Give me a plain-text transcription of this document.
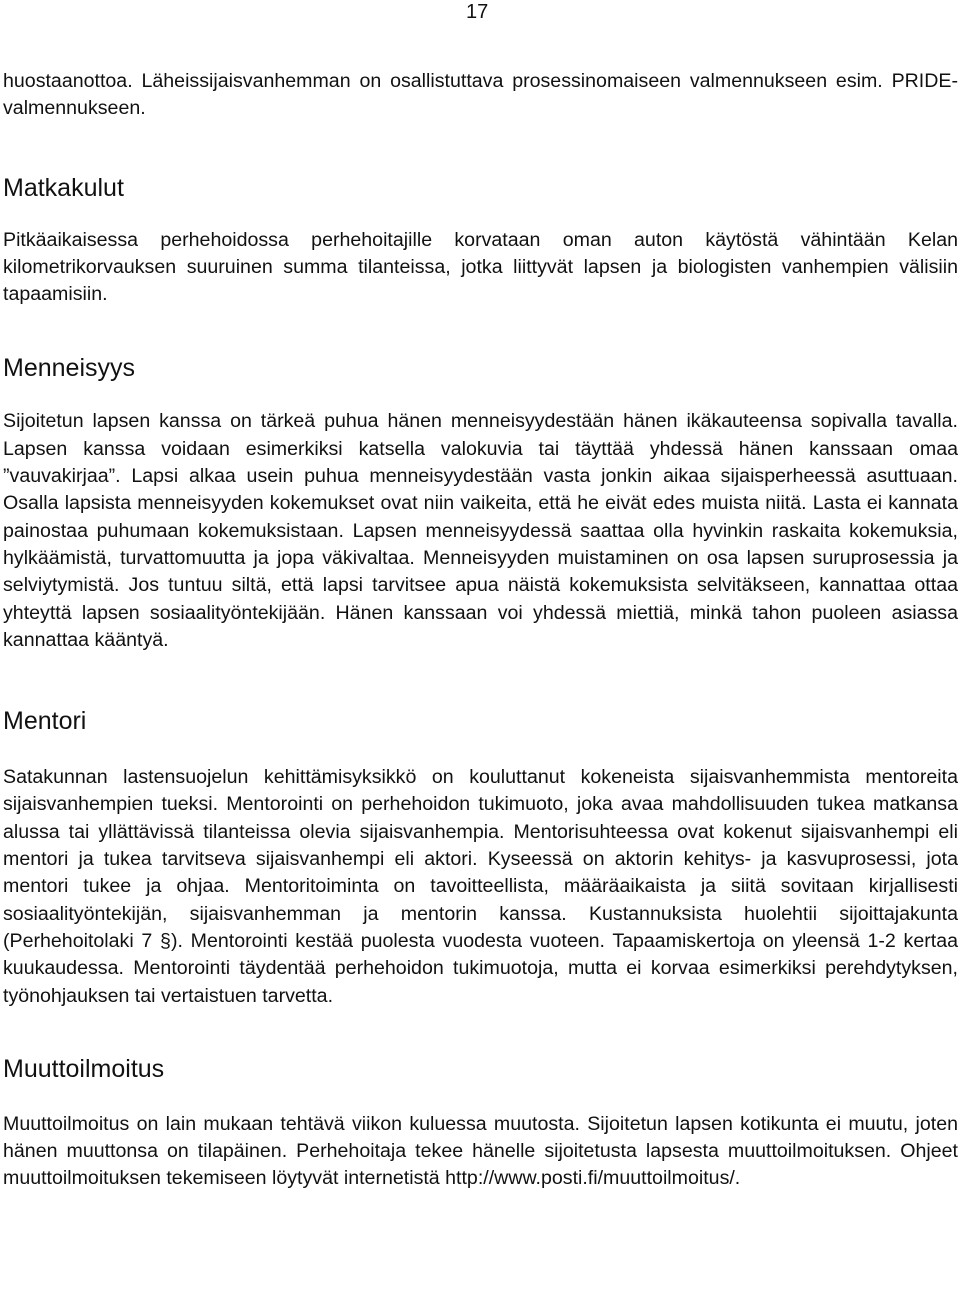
17

huostaanottoa. Läheissijaisvanhemman on osallistuttava prosessinomaiseen valmennukseen esim. PRIDE-valmennukseen.

Matkakulut

Pitkäaikaisessa perhehoidossa perhehoitajille korvataan oman auton käytöstä vähintään Kelan kilometrikorvauksen suuruinen summa tilanteissa, jotka liittyvät lapsen ja biologisten vanhempien välisiin tapaamisiin.

Menneisyys

Sijoitetun lapsen kanssa on tärkeä puhua hänen menneisyydestään hänen ikäkauteensa sopivalla tavalla. Lapsen kanssa voidaan esimerkiksi katsella valokuvia tai täyttää yhdessä hänen kanssaan omaa ”vauvakirjaa”. Lapsi alkaa usein puhua menneisyydestään vasta jonkin aikaa sijaisperheessä asuttuaan. Osalla lapsista menneisyyden kokemukset ovat niin vaikeita, että he eivät edes muista niitä. Lasta ei kannata painostaa puhumaan kokemuksistaan. Lapsen menneisyydessä saattaa olla hyvinkin raskaita kokemuksia, hylkäämistä, turvattomuutta ja jopa väkivaltaa. Menneisyyden muistaminen on osa lapsen suruprosessia ja selviytymistä. Jos tuntuu siltä, että lapsi tarvitsee apua näistä kokemuksista selvitäkseen, kannattaa ottaa yhteyttä lapsen sosiaalityöntekijään. Hänen kanssaan voi yhdessä miettiä, minkä tahon puoleen asiassa kannattaa kääntyä.

Mentori

Satakunnan lastensuojelun kehittämisyksikkö on kouluttanut kokeneista sijaisvanhemmista mentoreita sijaisvanhempien tueksi. Mentorointi on perhehoidon tukimuoto, joka avaa mahdollisuuden tukea matkansa alussa tai yllättävissä tilanteissa olevia sijaisvanhempia. Mentorisuhteessa ovat kokenut sijaisvanhempi eli mentori ja tukea tarvitseva sijaisvanhempi eli aktori. Kyseessä on aktorin kehitys- ja kasvuprosessi, jota mentori tukee ja ohjaa. Mentoritoiminta on tavoitteellista, määräaikaista ja siitä sovitaan kirjallisesti sosiaalityöntekijän, sijaisvanhemman ja mentorin kanssa. Kustannuksista huolehtii sijoittajakunta (Perhehoitolaki 7 §). Mentorointi kestää puolesta vuodesta vuoteen. Tapaamiskertoja on yleensä 1-2 kertaa kuukaudessa. Mentorointi täydentää perhehoidon tukimuotoja, mutta ei korvaa esimerkiksi perehdytyksen, työnohjauksen tai vertaistuen tarvetta.

Muuttoilmoitus

Muuttoilmoitus on lain mukaan tehtävä viikon kuluessa muutosta. Sijoitetun lapsen kotikunta ei muutu, joten hänen muuttonsa on tilapäinen. Perhehoitaja tekee hänelle sijoitetusta lapsesta muuttoilmoituksen. Ohjeet muuttoilmoituksen tekemiseen löytyvät internetistä http://www.posti.fi/muuttoilmoitus/.
